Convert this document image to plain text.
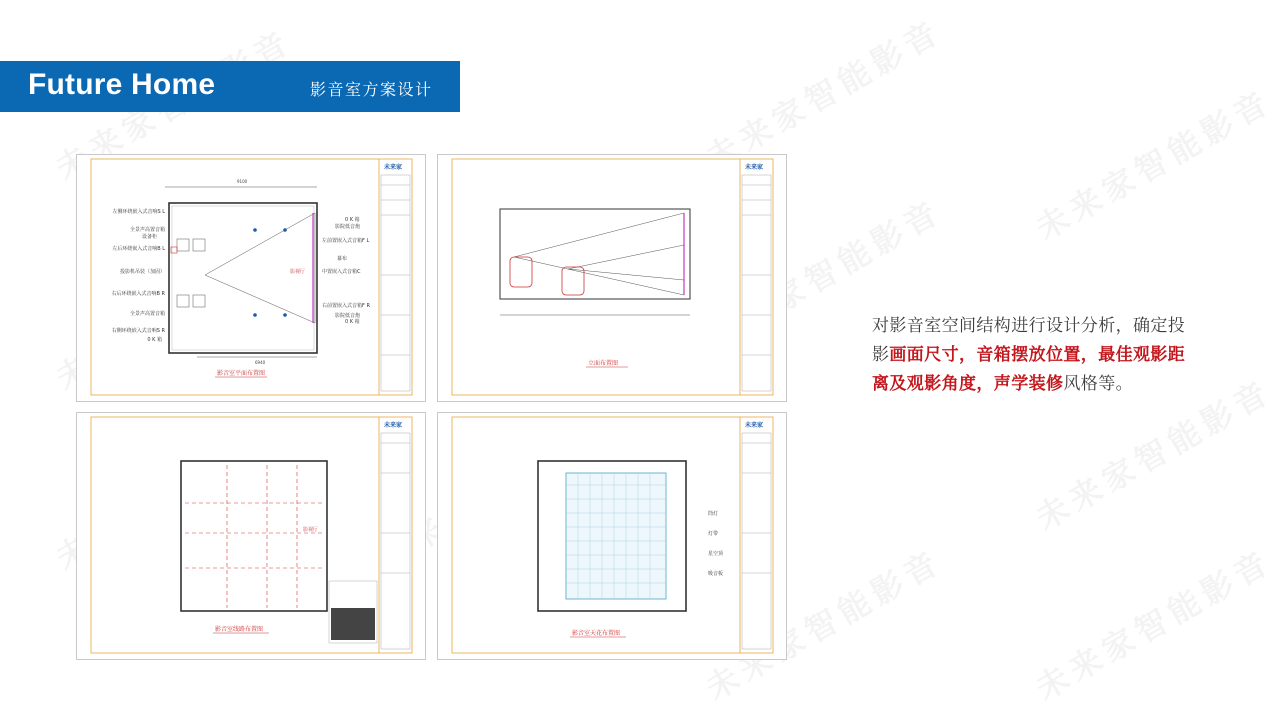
Future Home	影音室方案设计
未来家
9100
影视厅
左侧环绕嵌入式音响S L
全景声高置音箱
设备柜
左后环绕嵌入式音响B L
投影机吊装（加固）
右后环绕嵌入式音响B R
全景声高置音箱
右侧环绕嵌入式音响S R
0 K 箱
0 K 箱
影院低音炮
左前置嵌入式音箱F L
幕布
中置嵌入式音箱C
右前置嵌入式音箱F R
影院低音炮
0 K 箱
6940
影音室平面布置图
未来家
立面布置图
未来家
影视厅
影音室线路布置图
未来家
筒灯
灯带
星空顶
吸音板
影音室天花布置图
对影音室空间结构进行设计分析，确定投影画面尺寸，音箱摆放位置，最佳观影距离及观影角度，声学装修风格等。
